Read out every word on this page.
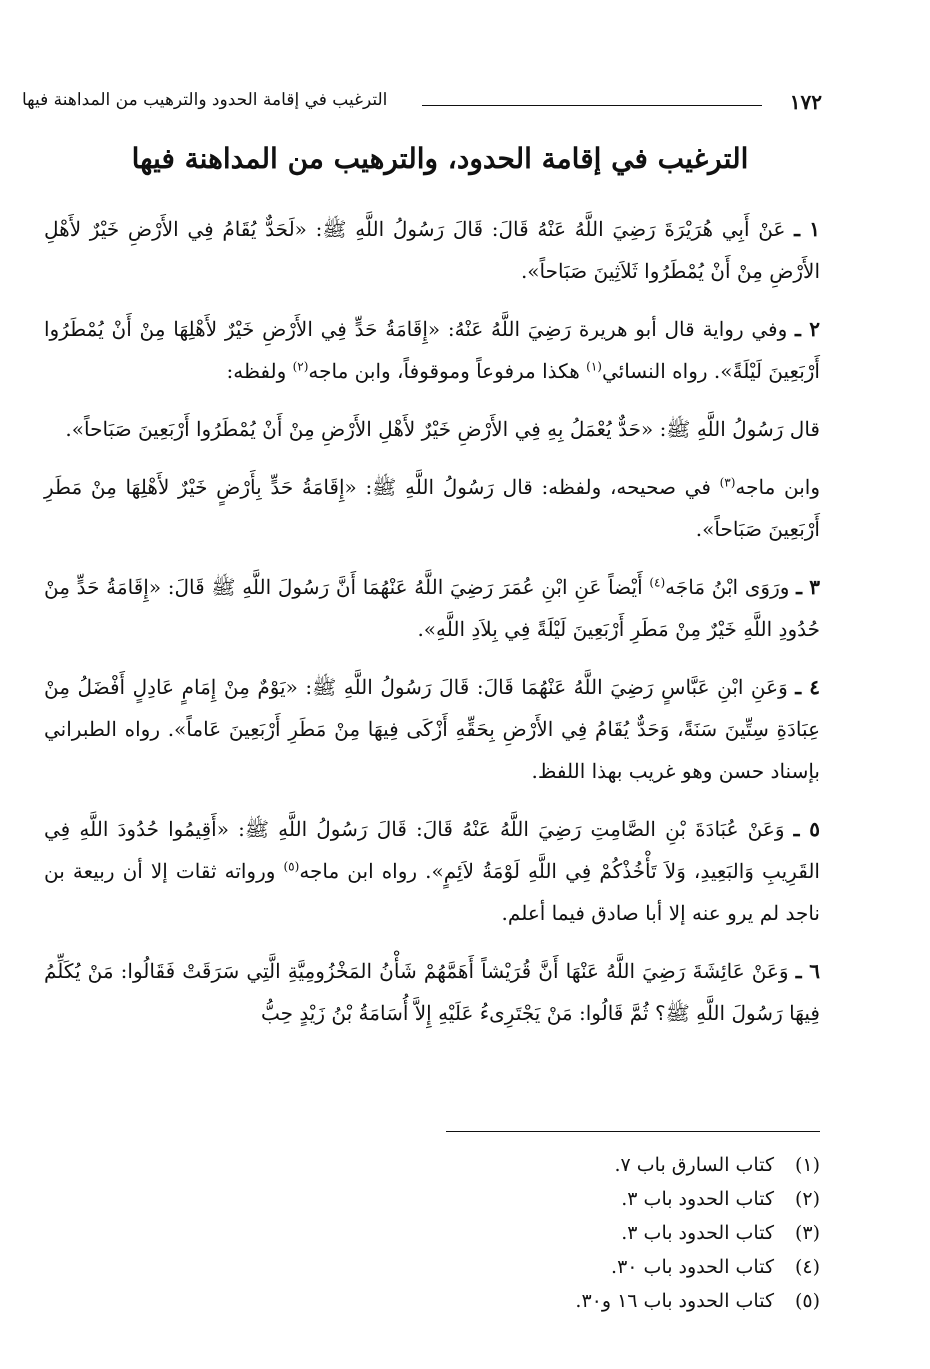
١٧٢
الترغيب في إقامة الحدود والترهيب من المداهنة فيها
الترغيب في إقامة الحدود، والترهيب من المداهنة فيها

١ ـ عَنْ أَبِي هُرَيْرَةَ رَضِيَ اللَّهُ عَنْهُ قَالَ: قَالَ رَسُولُ اللَّهِ ﷺ: «لَحَدٌّ يُقَامُ فِي الأَرْضِ خَيْرٌ لأَهْلِ الأَرْضِ مِنْ أَنْ يُمْطَرُوا ثَلاَثِينَ صَبَاحاً».

٢ ـ وفي رواية قال أبو هريرة رَضِيَ اللَّهُ عَنْهُ: «إِقَامَةُ حَدٍّ فِي الأَرْضِ خَيْرٌ لأَهْلِهَا مِنْ أَنْ يُمْطَرُوا أَرْبَعِينَ لَيْلَةً». رواه النسائي$^{(١)}$ هكذا مرفوعاً وموقوفاً، وابن ماجه$^{(٢)}$ ولفظه:

قال رَسُولُ اللَّهِ ﷺ: «حَدٌّ يُعْمَلُ بِهِ فِي الأَرْضِ خَيْرٌ لأَهْلِ الأَرْضِ مِنْ أَنْ يُمْطَرُوا أَرْبَعِينَ صَبَاحاً».

وابن ماجه$^{(٣)}$ في صحيحه، ولفظه: قال رَسُولُ اللَّهِ ﷺ: «إِقَامَةُ حَدٍّ بِأَرْضٍ خَيْرٌ لأَهْلِهَا مِنْ مَطَرِ أَرْبَعِينَ صَبَاحاً».

٣ ـ ورَوَى ابْنُ مَاجَه$^{(٤)}$ أَيْضاً عَنِ ابْنِ عُمَرَ رَضِيَ اللَّهُ عَنْهُمَا أَنَّ رَسُولَ اللَّهِ ﷺ قَالَ: «إِقَامَةُ حَدٍّ مِنْ حُدُودِ اللَّهِ خَيْرٌ مِنْ مَطَرِ أَرْبَعِينَ لَيْلَةً فِي بِلاَدِ اللَّهِ».

٤ ـ وَعَنِ ابْنِ عَبَّاسٍ رَضِيَ اللَّهُ عَنْهُمَا قَالَ: قَالَ رَسُولُ اللَّهِ ﷺ: «يَوْمٌ مِنْ إِمَامٍ عَادِلٍ أَفْضَلُ مِنْ عِبَادَةِ سِتِّينَ سَنَةً، وَحَدٌّ يُقَامُ فِي الأَرْضِ بِحَقِّهِ أَزْكَى فِيهَا مِنْ مَطَرِ أَرْبَعِينَ عَاماً». رواه الطبراني بإسناد حسن وهو غريب بهذا اللفظ.

٥ ـ وَعَنْ عُبَادَةَ بْنِ الصَّامِتِ رَضِيَ اللَّهُ عَنْهُ قَالَ: قَالَ رَسُولُ اللَّهِ ﷺ: «أَقِيمُوا حُدُودَ اللَّهِ فِي القَرِيبِ وَالبَعِيدِ، وَلاَ تَأْخُذْكُمْ فِي اللَّهِ لَوْمَةُ لاَئِمٍ». رواه ابن ماجه$^{(٥)}$ ورواته ثقات إلا أن ربيعة بن ناجد لم يرو عنه إلا أبا صادق فيما أعلم.

٦ ـ وَعَنْ عَائِشَةَ رَضِيَ اللَّهُ عَنْهَا أَنَّ قُرَيْشاً أَهَمَّهُمْ شَأْنُ المَخْزُومِيَّةِ الَّتِي سَرَقَتْ فَقَالُوا: مَنْ يُكَلِّمُ فِيهَا رَسُولَ اللَّهِ ﷺ؟ ثُمَّ قَالُوا: مَنْ يَجْتَرِىءُ عَلَيْهِ إِلاَّ أُسَامَةُ بْنُ زَيْدٍ حِبُّ

(١)كتاب السارق باب ٧.
(٢)كتاب الحدود باب ٣.
(٣)كتاب الحدود باب ٣.
(٤)كتاب الحدود باب ٣٠.
(٥)كتاب الحدود باب ١٦ و٣٠.
